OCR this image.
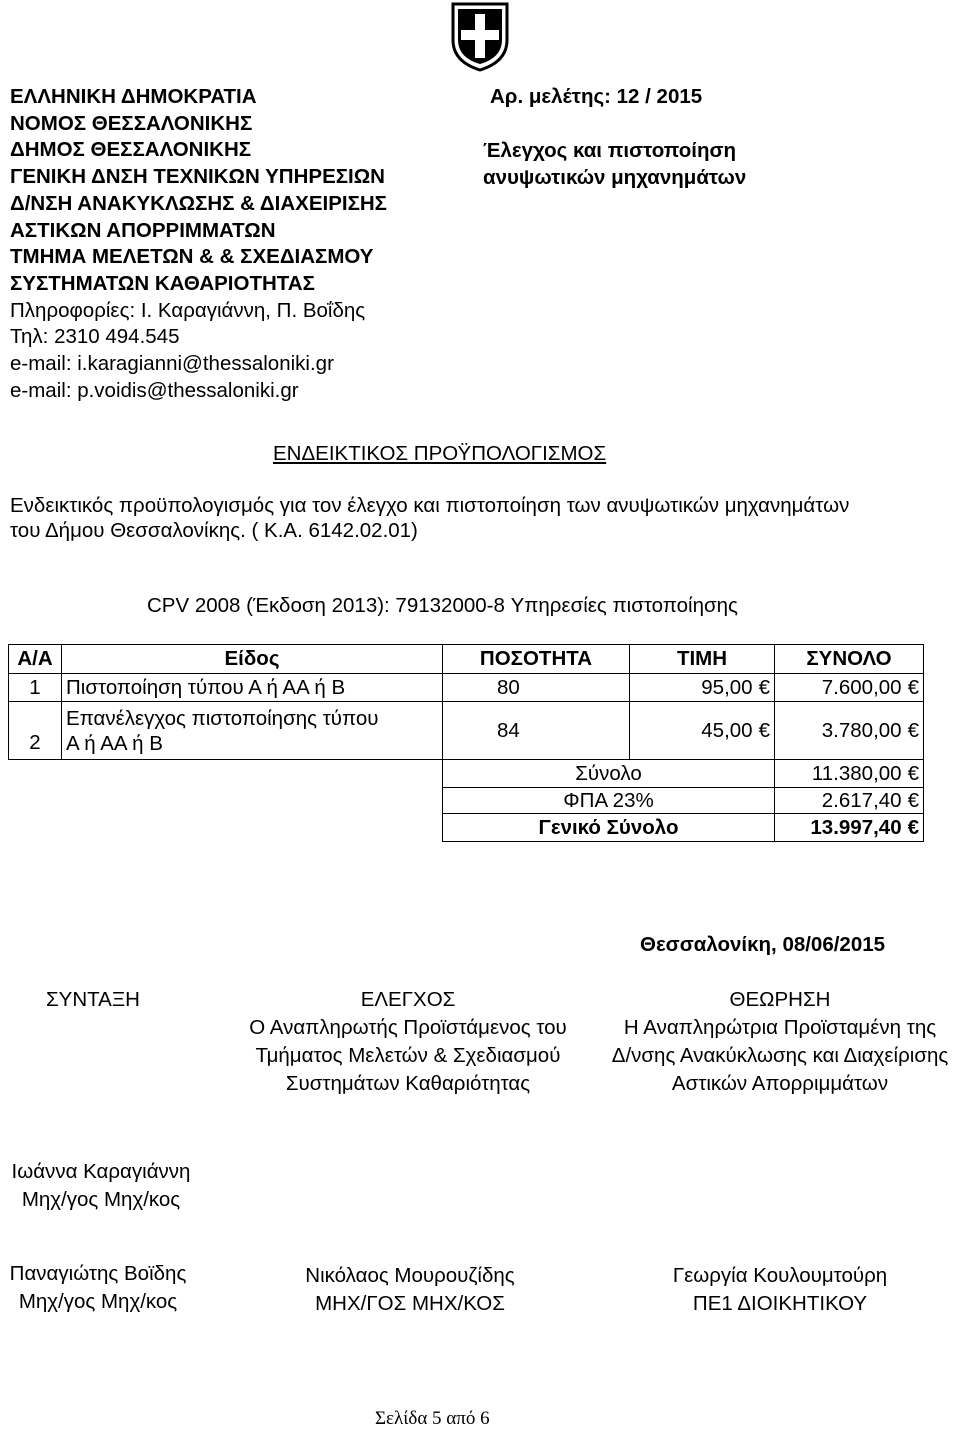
ΕΛΛΗΝΙΚΗ ΔΗΜΟΚΡΑΤΙΑ
ΝΟΜΟΣ ΘΕΣΣΑΛΟΝΙΚΗΣ
ΔΗΜΟΣ ΘΕΣΣΑΛΟΝΙΚΗΣ
ΓΕΝΙΚΗ ΔΝΣΗ ΤΕΧΝΙΚΩΝ ΥΠΗΡΕΣΙΩΝ
Δ/ΝΣΗ ΑΝΑΚΥΚΛΩΣΗΣ & ΔΙΑΧΕΙΡΙΣΗΣ
ΑΣΤΙΚΩΝ ΑΠΟΡΡΙΜΜΑΤΩΝ
ΤΜΗΜΑ ΜΕΛΕΤΩΝ & & ΣΧΕΔΙΑΣΜΟΥ
ΣΥΣΤΗΜΑΤΩΝ ΚΑΘΑΡΙΟΤΗΤΑΣ
Πληροφορίες: Ι. Καραγιάννη, Π. Βοΐδης
Τηλ: 2310 494.545
e-mail: i.karagianni@thessaloniki.gr
e-mail: p.voidis@thessaloniki.gr
Αρ. μελέτης: 12 / 2015
Έλεγχος και πιστοποίηση
ανυψωτικών μηχανημάτων
ΕΝΔΕΙΚΤΙΚΟΣ ΠΡΟΫΠΟΛΟΓΙΣΜΟΣ
Ενδεικτικός προϋπολογισμός για τον έλεγχο και πιστοποίηση των ανυψωτικών μηχανημάτων
του Δήμου Θεσσαλονίκης. ( Κ.Α. 6142.02.01)
CPV 2008 (Έκδοση 2013): 79132000-8 Υπηρεσίες πιστοποίησης
Α/Α	Είδος	ΠΟΣΟΤΗΤΑ	ΤΙΜΗ	ΣΥΝΟΛΟ
1	Πιστοποίηση τύπου Α ή ΑΑ ή Β	80	95,00 €	7.600,00 €
2	Επανέλεγχος πιστοποίησης τύπου
Α ή ΑΑ ή Β	84	45,00 €	3.780,00 €
		Σύνολο		11.380,00 €
		ΦΠΑ 23%		2.617,40 €
		Γενικό Σύνολο		13.997,40 €
Θεσσαλονίκη, 08/06/2015
ΣΥΝΤΑΞΗ	ΕΛΕΓΧΟΣ
Ο Αναπληρωτής Προϊστάμενος του
Τμήματος Μελετών & Σχεδιασμού
Συστημάτων Καθαριότητας
ΘΕΩΡΗΣΗ
Η Αναπληρώτρια Προϊσταμένη της
Δ/νσης Ανακύκλωσης και Διαχείρισης
Αστικών Απορριμμάτων
Ιωάννα Καραγιάννη
Μηχ/γος Μηχ/κος
Παναγιώτης Βοϊδης
Μηχ/γος Μηχ/κος
Νικόλαος Μουρουζίδης
ΜΗΧ/ΓΟΣ ΜΗΧ/ΚΟΣ
Γεωργία Κουλουμτούρη
ΠΕ1 ΔΙΟΙΚΗΤΙΚΟΥ
Σελίδα 5 από 6
